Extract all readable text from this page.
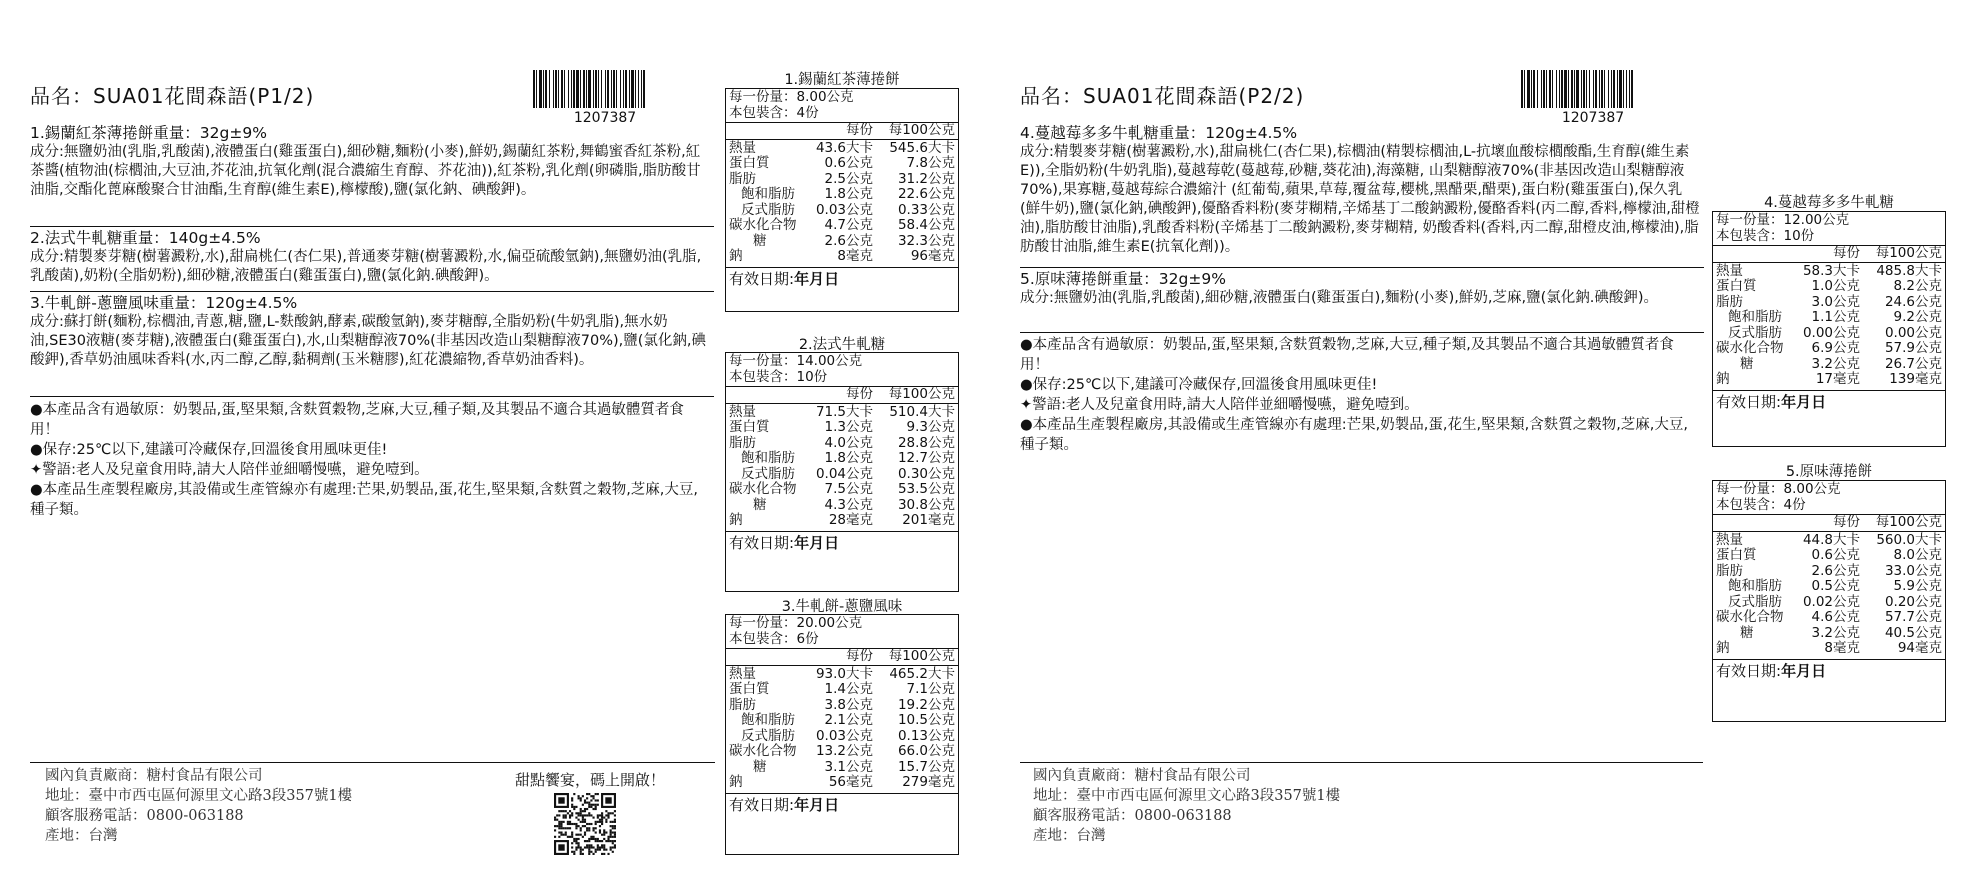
品名：SUA01花間森語(P1/2)
1207387
1.錫蘭紅茶薄捲餅重量：32g±9%
成分:無鹽奶油(乳脂,乳酸菌),液體蛋白(雞蛋蛋白),細砂糖,麵粉(小麥),鮮奶,錫蘭紅茶粉,舞鶴蜜香紅茶粉,紅茶醬(植物油(棕櫚油,大豆油,芥花油,抗氧化劑(混合濃縮生育醇、芥花油)),紅茶粉,乳化劑(卵磷脂,脂肪酸甘油脂,交酯化蓖麻酸聚合甘油酯,生育醇(維生素E),檸檬酸),鹽(氯化鈉、碘酸鉀)。
2.法式牛軋糖重量：140g±4.5%
成分:精製麥芽糖(樹薯澱粉,水),甜扁桃仁(杏仁果),普通麥芽糖(樹薯澱粉,水,偏亞硫酸氫鈉),無鹽奶油(乳脂,乳酸菌),奶粉(全脂奶粉),細砂糖,液體蛋白(雞蛋蛋白),鹽(氯化鈉.碘酸鉀)。
3.牛軋餅-蔥鹽風味重量：120g±4.5%
成分:蘇打餅(麵粉,棕櫚油,青蔥,糖,鹽,L-麩酸鈉,酵素,碳酸氫鈉),麥芽糖醇,全脂奶粉(牛奶乳脂),無水奶油,SE30液糖(麥芽糖),液體蛋白(雞蛋蛋白),水,山梨糖醇液70%(非基因改造山梨糖醇液70%),鹽(氯化鈉,碘酸鉀),香草奶油風味香料(水,丙二醇,乙醇,黏稠劑(玉米糖膠),紅花濃縮物,香草奶油香料)。

●本產品含有過敏原：奶製品,蛋,堅果類,含麩質穀物,芝麻,大豆,種子類,及其製品不適合其過敏體質者食用！

●保存:25℃以下,建議可冷藏保存,回溫後食用風味更佳!

✦警語:老人及兒童食用時,請大人陪伴並細嚼慢嚥，避免噎到。

●本產品生產製程廠房,其設備或生產管線亦有處理:芒果,奶製品,蛋,花生,堅果類,含麩質之穀物,芝麻,大豆,種子類。

國內負責廠商：糖村食品有限公司
地址：臺中市西屯區何源里文心路3段357號1樓
顧客服務電話：0800-063188
產地：台灣
甜點饗宴，碼上開啟！
1.錫蘭紅茶薄捲餅
每一份量：8.00公克
本包裝含：4份
每份	每100公克
熱量	43.6大卡	545.6大卡
蛋白質	0.6公克	7.8公克
脂肪	2.5公克	31.2公克
飽和脂肪	1.8公克	22.6公克
反式脂肪	0.03公克	0.33公克
碳水化合物	4.7公克	58.4公克
糖	2.6公克	32.3公克
鈉	8毫克	96毫克
有效日期:年月日
2.法式牛軋糖
每一份量：14.00公克
本包裝含：10份
每份	每100公克
熱量	71.5大卡	510.4大卡
蛋白質	1.3公克	9.3公克
脂肪	4.0公克	28.8公克
飽和脂肪	1.8公克	12.7公克
反式脂肪	0.04公克	0.30公克
碳水化合物	7.5公克	53.5公克
糖	4.3公克	30.8公克
鈉	28毫克	201毫克
有效日期:年月日
3.牛軋餅-蔥鹽風味
每一份量：20.00公克
本包裝含：6份
每份	每100公克
熱量	93.0大卡	465.2大卡
蛋白質	1.4公克	7.1公克
脂肪	3.8公克	19.2公克
飽和脂肪	2.1公克	10.5公克
反式脂肪	0.03公克	0.13公克
碳水化合物	13.2公克	66.0公克
糖	3.1公克	15.7公克
鈉	56毫克	279毫克
有效日期:年月日
品名：SUA01花間森語(P2/2)
1207387
4.蔓越莓多多牛軋糖重量：120g±4.5%
成分:精製麥芽糖(樹薯澱粉,水),甜扁桃仁(杏仁果),棕櫚油(精製棕櫚油,L-抗壞血酸棕櫚酸酯,生育醇(維生素E)),全脂奶粉(牛奶乳脂),蔓越莓乾(蔓越莓,砂糖,葵花油),海藻糖, 山梨糖醇液70%(非基因改造山梨糖醇液70%),果寡糖,蔓越莓綜合濃縮汁 (紅葡萄,蘋果,草莓,覆盆莓,櫻桃,黑醋栗,醋栗),蛋白粉(雞蛋蛋白),保久乳(鮮牛奶),鹽(氯化鈉,碘酸鉀),優酪香料粉(麥芽糊精,辛烯基丁二酸鈉澱粉,優酪香料(丙二醇,香料,檸檬油,甜橙油),脂肪酸甘油脂),乳酸香料粉(辛烯基丁二酸鈉澱粉,麥芽糊精, 奶酸香料(香料,丙二醇,甜橙皮油,檸檬油),脂肪酸甘油脂,維生素E(抗氧化劑))。
5.原味薄捲餅重量：32g±9%
成分:無鹽奶油(乳脂,乳酸菌),細砂糖,液體蛋白(雞蛋蛋白),麵粉(小麥),鮮奶,芝麻,鹽(氯化鈉.碘酸鉀)。

●本產品含有過敏原：奶製品,蛋,堅果類,含麩質穀物,芝麻,大豆,種子類,及其製品不適合其過敏體質者食用！

●保存:25℃以下,建議可冷藏保存,回溫後食用風味更佳!

✦警語:老人及兒童食用時,請大人陪伴並細嚼慢嚥，避免噎到。

●本產品生產製程廠房,其設備或生產管線亦有處理:芒果,奶製品,蛋,花生,堅果類,含麩質之穀物,芝麻,大豆,種子類。

國內負責廠商：糖村食品有限公司
地址：臺中市西屯區何源里文心路3段357號1樓
顧客服務電話：0800-063188
產地：台灣
4.蔓越莓多多牛軋糖
每一份量：12.00公克
本包裝含：10份
每份	每100公克
熱量	58.3大卡	485.8大卡
蛋白質	1.0公克	8.2公克
脂肪	3.0公克	24.6公克
飽和脂肪	1.1公克	9.2公克
反式脂肪	0.00公克	0.00公克
碳水化合物	6.9公克	57.9公克
糖	3.2公克	26.7公克
鈉	17毫克	139毫克
有效日期:年月日
5.原味薄捲餅
每一份量：8.00公克
本包裝含：4份
每份	每100公克
熱量	44.8大卡	560.0大卡
蛋白質	0.6公克	8.0公克
脂肪	2.6公克	33.0公克
飽和脂肪	0.5公克	5.9公克
反式脂肪	0.02公克	0.20公克
碳水化合物	4.6公克	57.7公克
糖	3.2公克	40.5公克
鈉	8毫克	94毫克
有效日期:年月日
